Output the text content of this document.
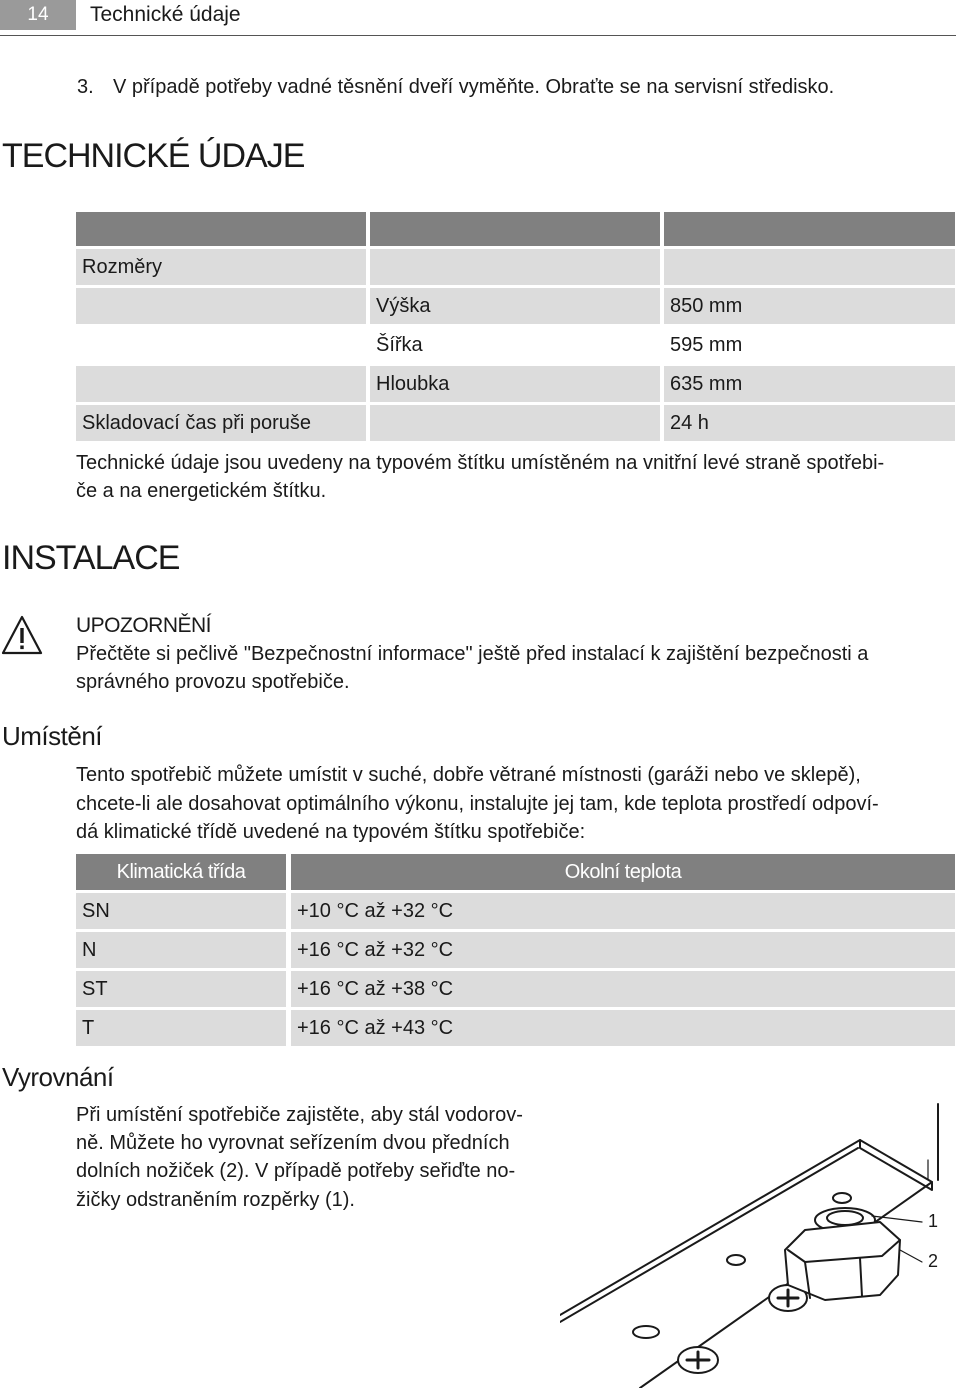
14	Technické údaje
3. V případě potřeby vadné těsnění dveří vyměňte. Obraťte se na servisní středisko.
TECHNICKÉ ÚDAJE
Rozměry
Výška	850 mm
Šířka	595 mm
Hloubka	635 mm
Skladovací čas při poruše	24 h
Technické údaje jsou uvedeny na typovém štítku umístěném na vnitřní levé straně spotřebi-
če a na energetickém štítku.
INSTALACE
UPOZORNĚNÍ
Přečtěte si pečlivě "Bezpečnostní informace" ještě před instalací k zajištění bezpečnosti a
správného provozu spotřebiče.
Umístění
Tento spotřebič můžete umístit v suché, dobře větrané místnosti (garáži nebo ve sklepě),
chcete-li ale dosahovat optimálního výkonu, instalujte jej tam, kde teplota prostředí odpoví-
dá klimatické třídě uvedené na typovém štítku spotřebiče:
Klimatická třída	Okolní teplota
SN	+10 °C až +32 °C
N	+16 °C až +32 °C
ST	+16 °C až +38 °C
T	+16 °C až +43 °C
Vyrovnání
Při umístění spotřebiče zajistěte, aby stál vodorov-
ně. Můžete ho vyrovnat seřízením dvou předních
dolních nožiček (2). V případě potřeby seřiďte no-
žičky odstraněním rozpěrky (1).
1
2
